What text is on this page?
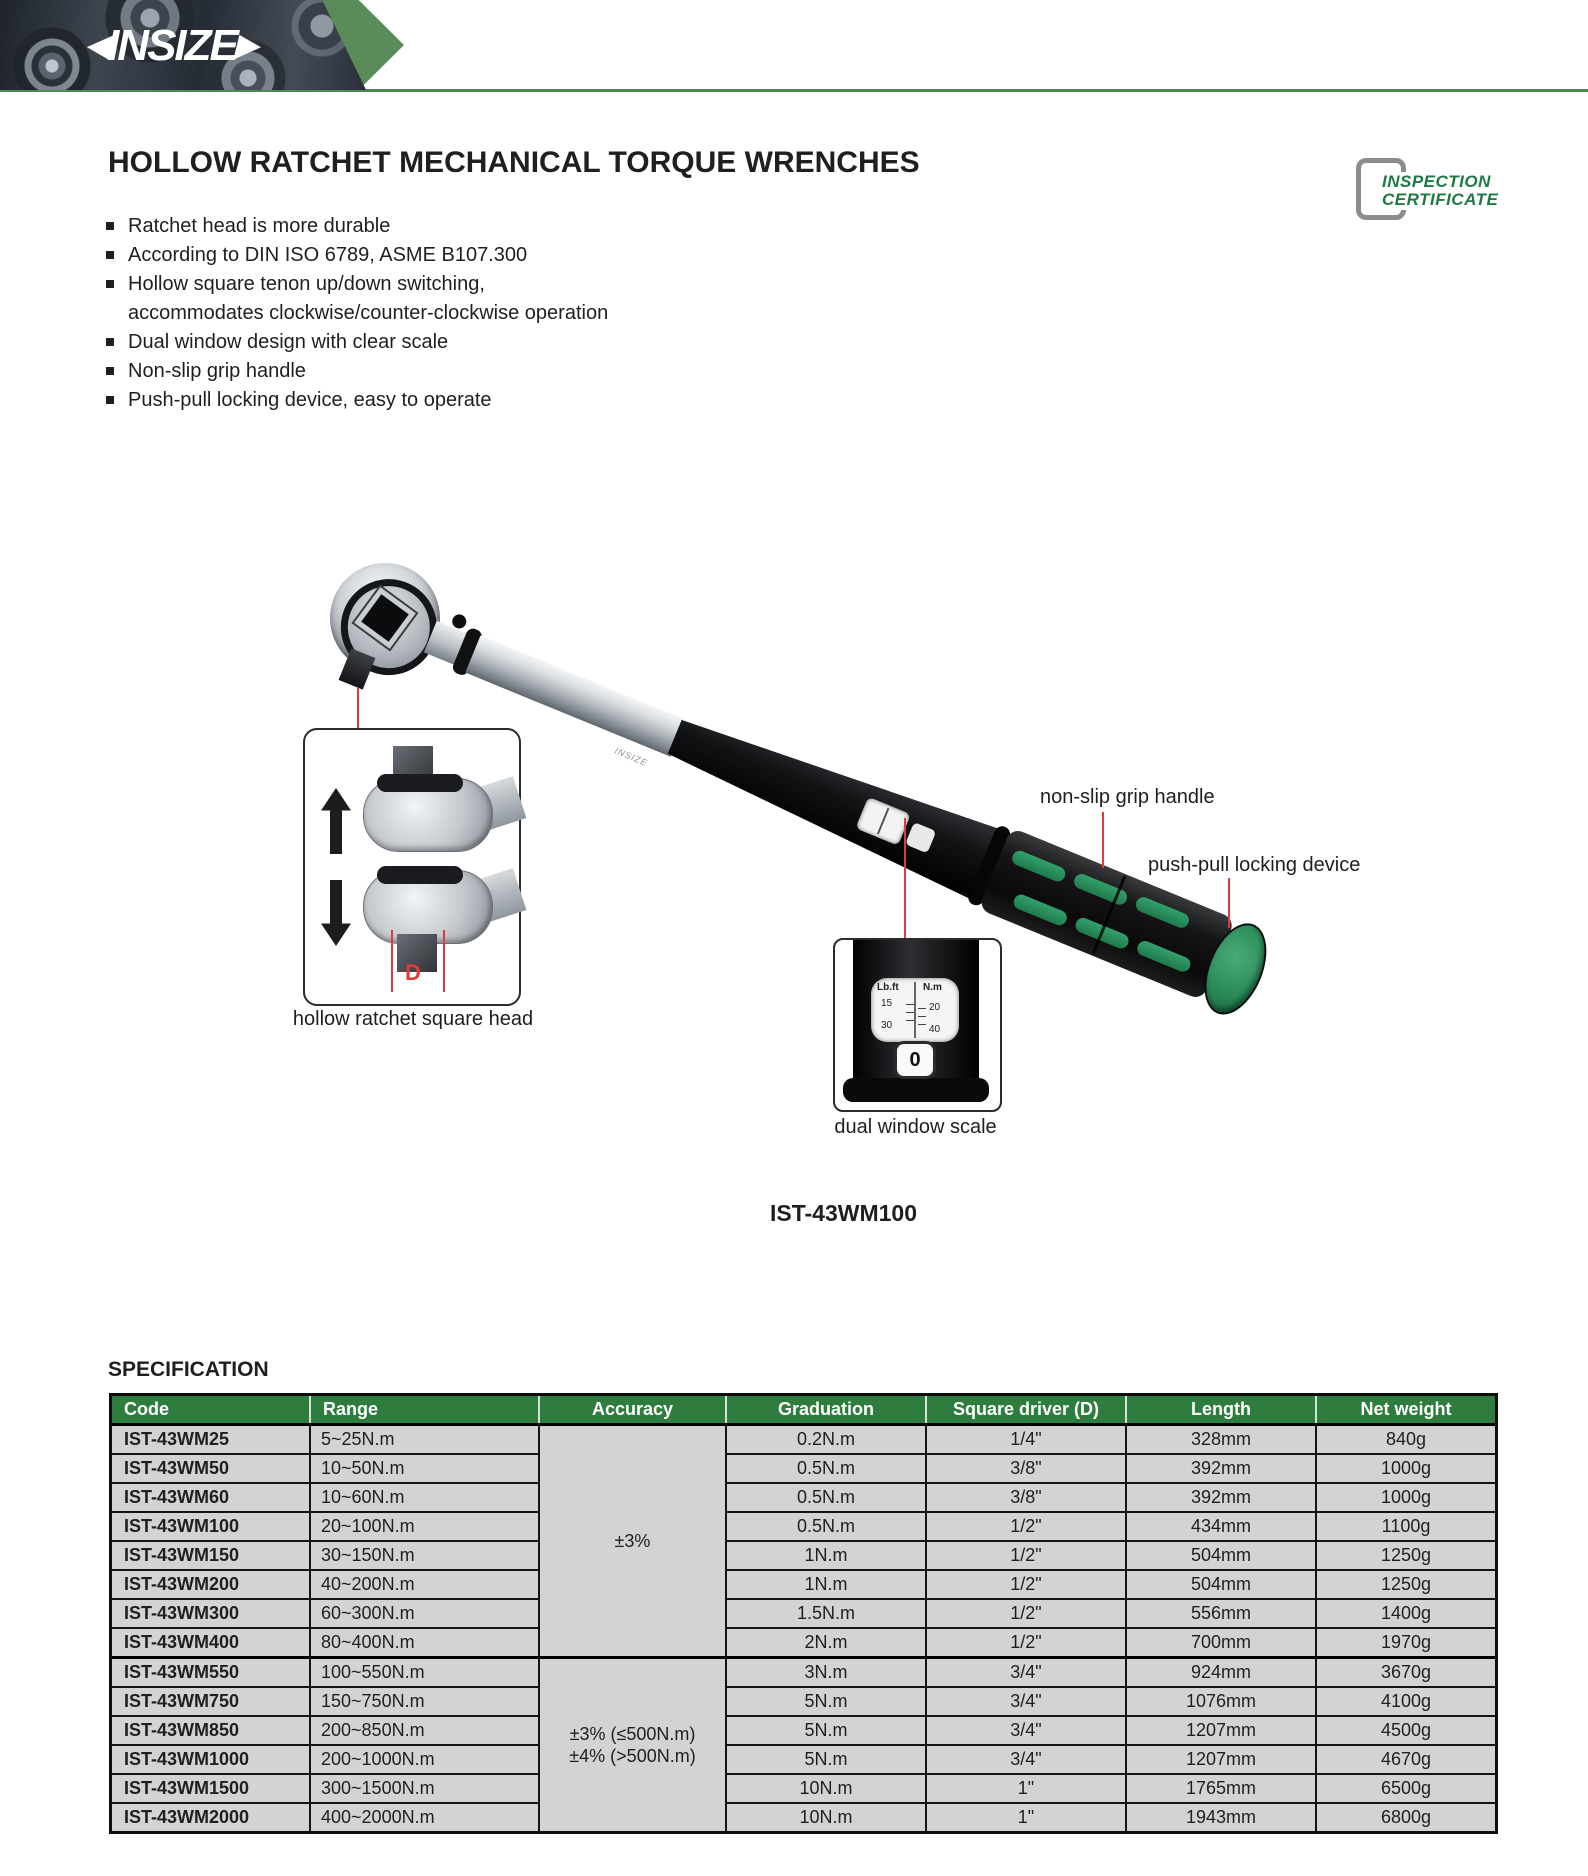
◀
INSIZE
▶
HOLLOW RATCHET MECHANICAL TORQUE WRENCHES
INSPECTION
CERTIFICATE
Ratchet head is more durable
According to DIN ISO 6789, ASME B107.300
Hollow square tenon up/down switching,
accommodates clockwise/counter-clockwise operation
Dual window design with clear scale
Non-slip grip handle
Push-pull locking device, easy to operate
INSIZE
non-slip grip handle
push-pull locking device
D
hollow ratchet square head
Lb.ft N.m
15
30
20
40
0
dual window scale
IST-43WM100
SPECIFICATION
Code	Range	Accuracy	Graduation	Square driver (D)	Length	Net weight
IST-43WM25	5~25N.m	±3%	0.2N.m	1/4"	328mm	840g
IST-43WM50	10~50N.m		0.5N.m	3/8"	392mm	1000g
IST-43WM60	10~60N.m		0.5N.m	3/8"	392mm	1000g
IST-43WM100	20~100N.m		0.5N.m	1/2"	434mm	1100g
IST-43WM150	30~150N.m		1N.m	1/2"	504mm	1250g
IST-43WM200	40~200N.m		1N.m	1/2"	504mm	1250g
IST-43WM300	60~300N.m		1.5N.m	1/2"	556mm	1400g
IST-43WM400	80~400N.m		2N.m	1/2"	700mm	1970g
IST-43WM550	100~550N.m	±3% (≤500N.m)
±4% (>500N.m)	3N.m	3/4"	924mm	3670g
IST-43WM750	150~750N.m		5N.m	3/4"	1076mm	4100g
IST-43WM850	200~850N.m		5N.m	3/4"	1207mm	4500g
IST-43WM1000	200~1000N.m		5N.m	3/4"	1207mm	4670g
IST-43WM1500	300~1500N.m		10N.m	1"	1765mm	6500g
IST-43WM2000	400~2000N.m		10N.m	1"	1943mm	6800g
